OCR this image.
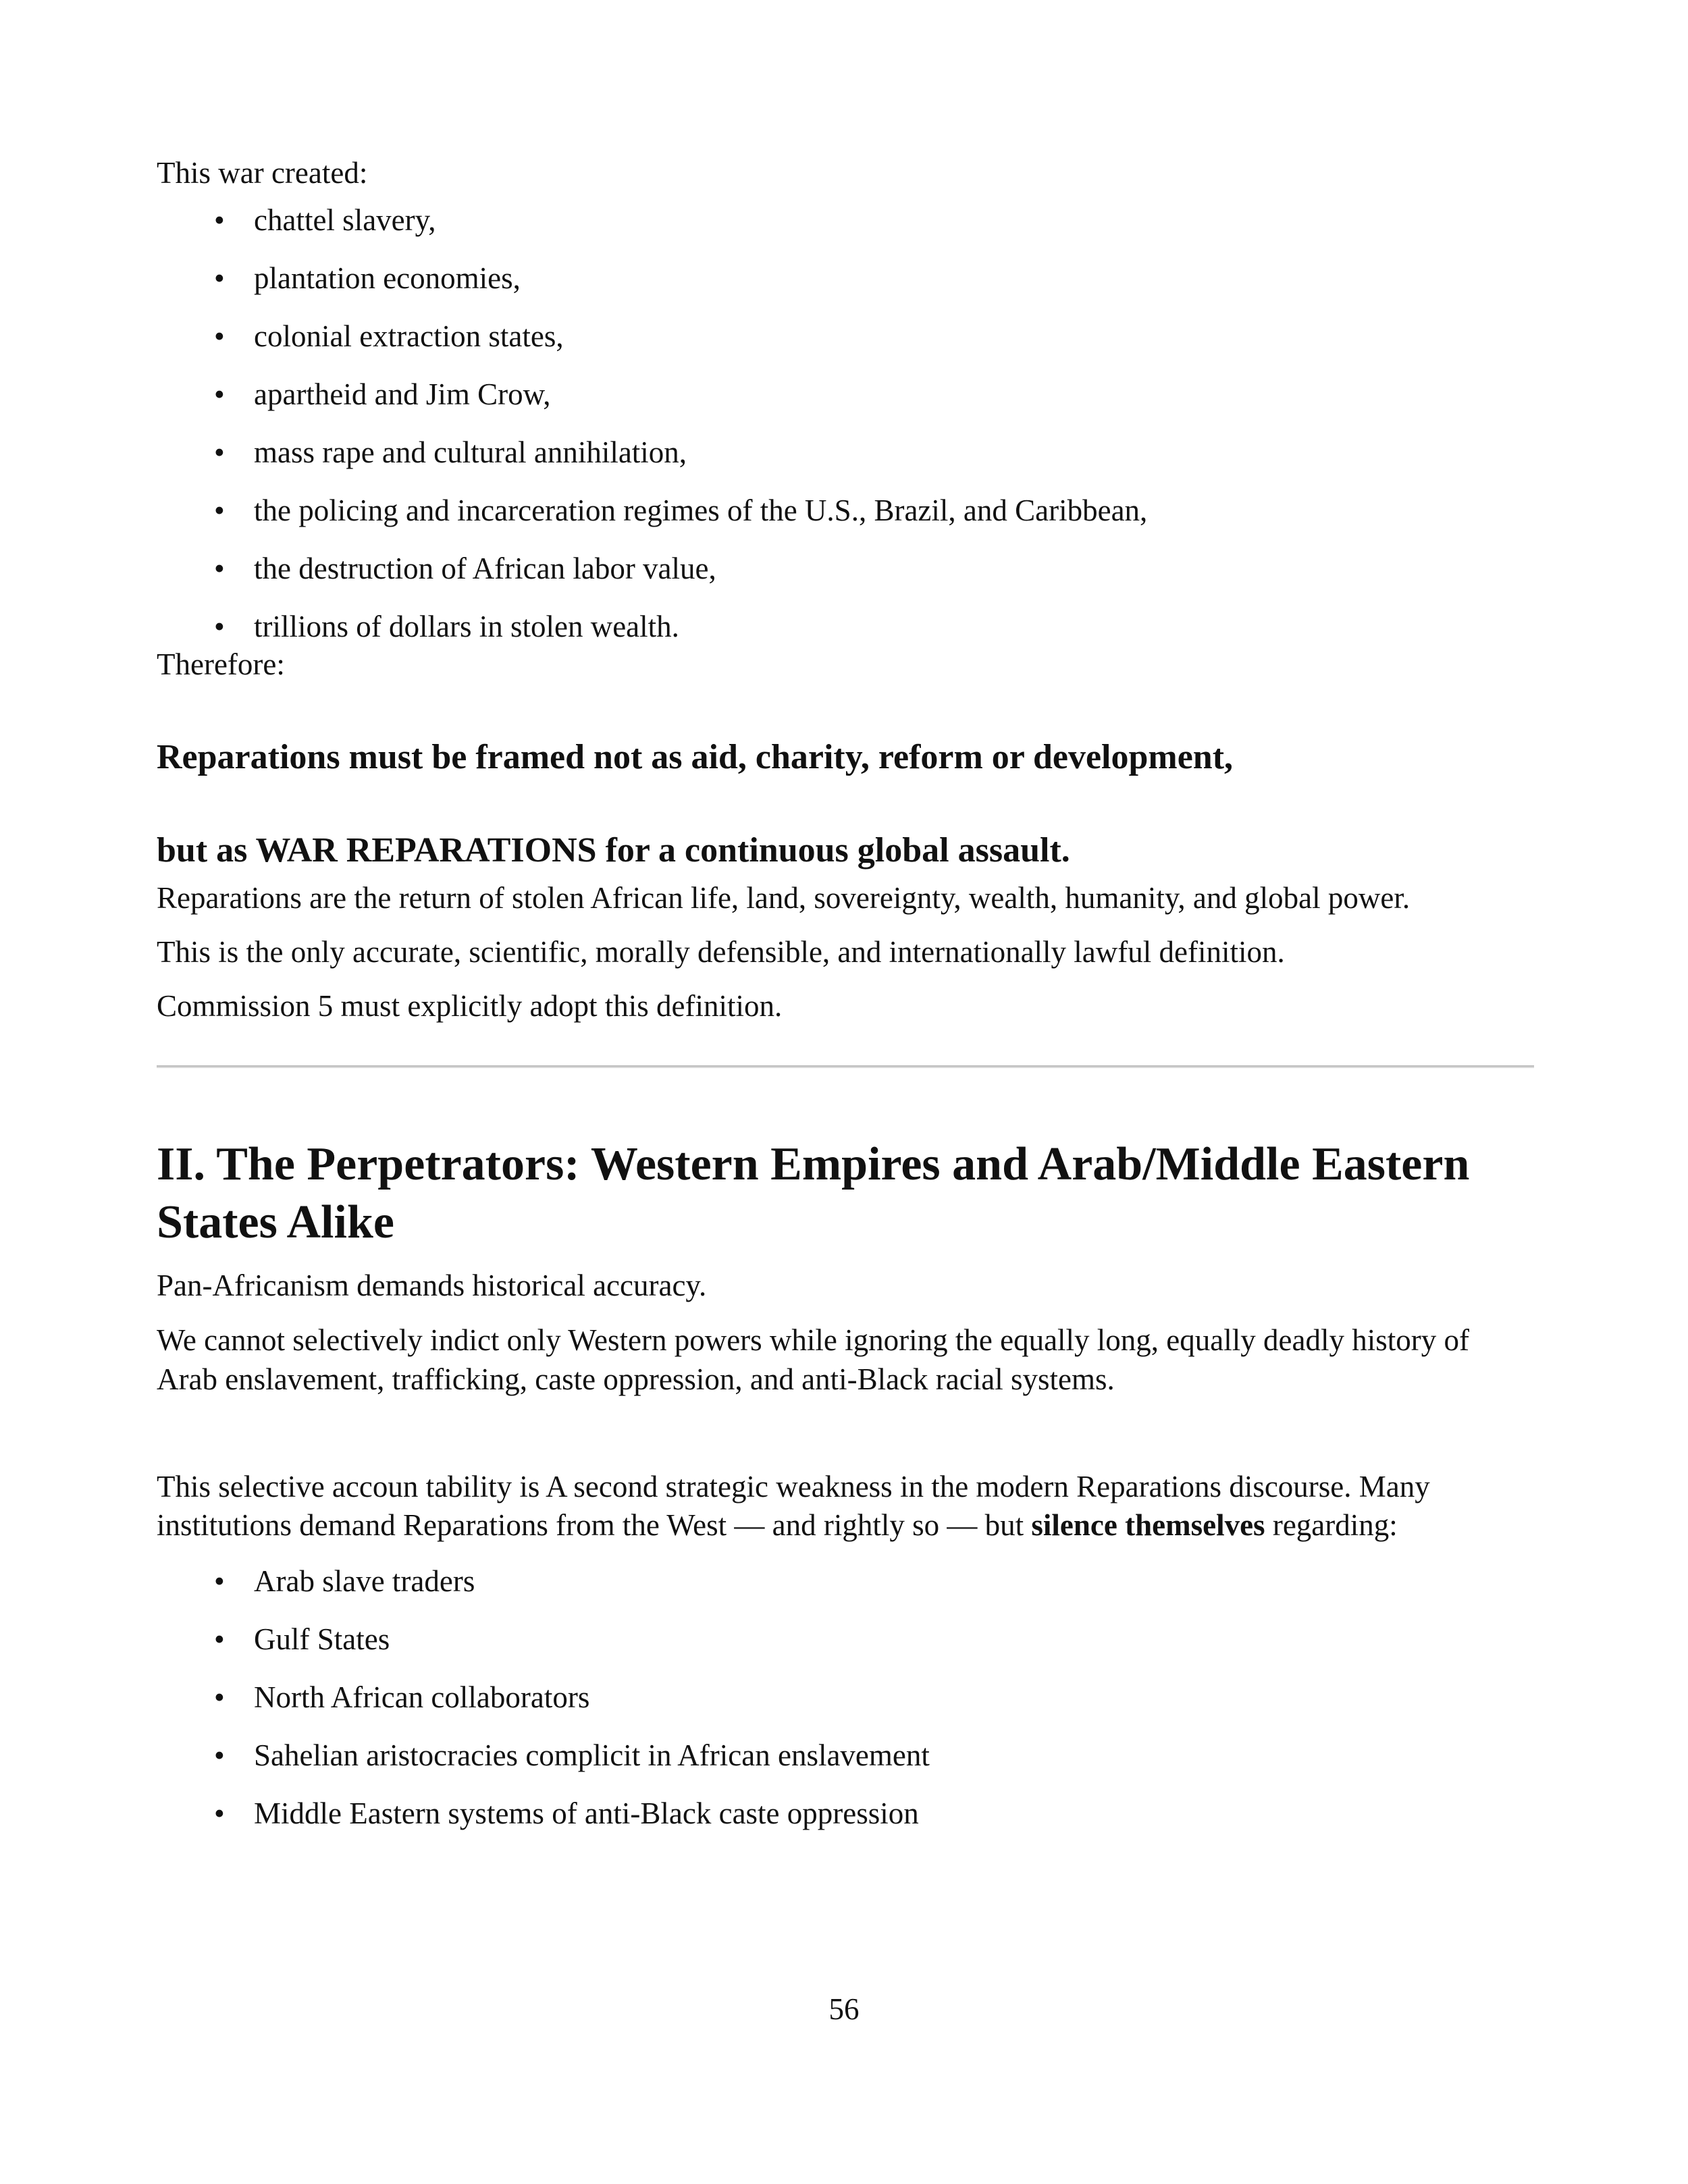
This war created:

• chattel slavery,
• plantation economies,
• colonial extraction states,
• apartheid and Jim Crow,
• mass rape and cultural annihilation,
• the policing and incarceration regimes of the U.S., Brazil, and Caribbean,
• the destruction of African labor value,
• trillions of dollars in stolen wealth.

Therefore:

Reparations must be framed not as aid, charity, reform or development,

but as WAR REPARATIONS for a continuous global assault.

Reparations are the return of stolen African life, land, sovereignty, wealth, humanity, and global power.

This is the only accurate, scientific, morally defensible, and internationally lawful definition.

Commission 5 must explicitly adopt this definition.

II. The Perpetrators: Western Empires and Arab/Middle Eastern States Alike

Pan-Africanism demands historical accuracy.

We cannot selectively indict only Western powers while ignoring the equally long, equally deadly history of Arab enslavement, trafficking, caste oppression, and anti-Black racial systems.

This selective accoun tability is A second strategic weakness in the modern Reparations discourse. Many institutions demand Reparations from the West — and rightly so — but silence themselves regarding:

• Arab slave traders
• Gulf States
• North African collaborators
• Sahelian aristocracies complicit in African enslavement
• Middle Eastern systems of anti-Black caste oppression
56
